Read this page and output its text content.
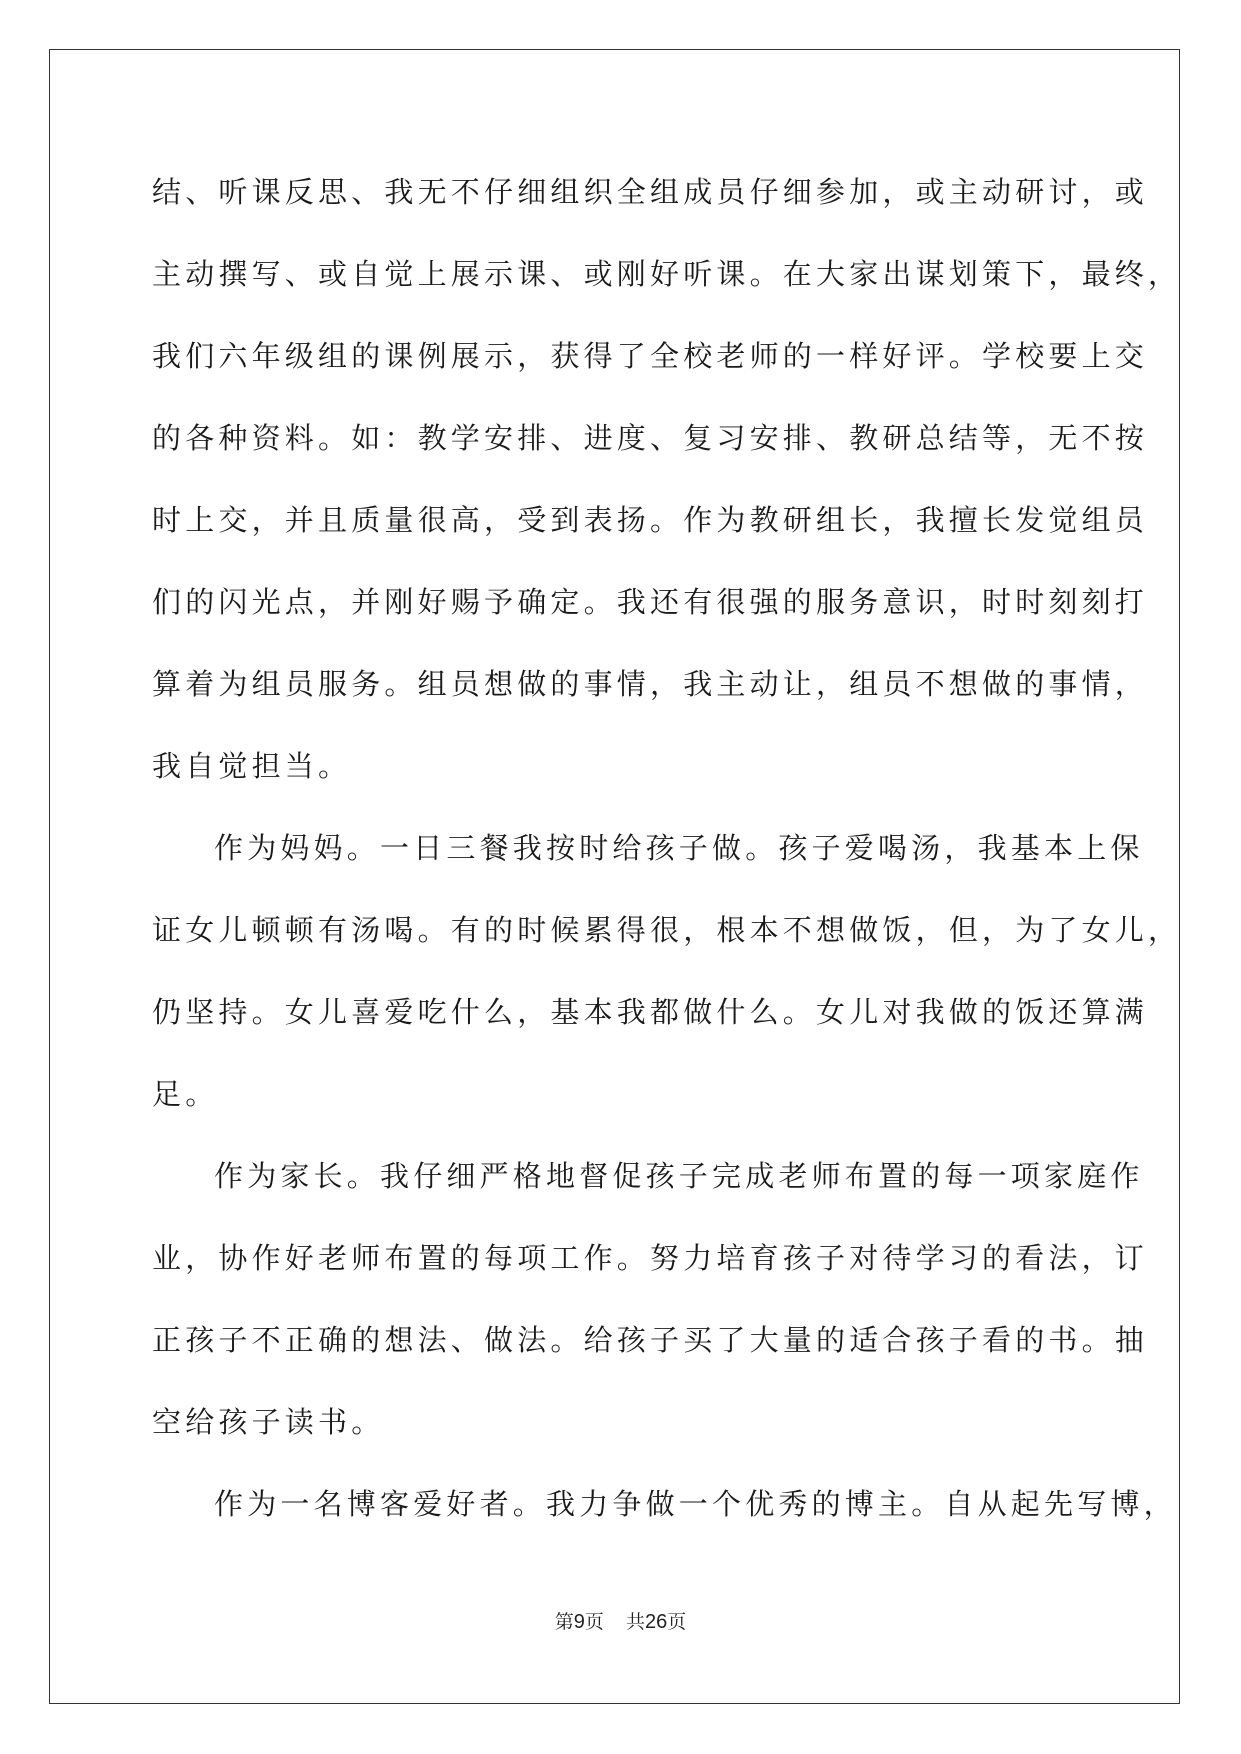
结、听课反思、我无不仔细组织全组成员仔细参加，或主动研讨，或
主动撰写、或自觉上展示课、或刚好听课。在大家出谋划策下，最终，
我们六年级组的课例展示，获得了全校老师的一样好评。学校要上交
的各种资料。如：教学安排、进度、复习安排、教研总结等，无不按
时上交，并且质量很高，受到表扬。作为教研组长，我擅长发觉组员
们的闪光点，并刚好赐予确定。我还有很强的服务意识，时时刻刻打
算着为组员服务。组员想做的事情，我主动让，组员不想做的事情，
我自觉担当。
作为妈妈。一日三餐我按时给孩子做。孩子爱喝汤，我基本上保
证女儿顿顿有汤喝。有的时候累得很，根本不想做饭，但，为了女儿，
仍坚持。女儿喜爱吃什么，基本我都做什么。女儿对我做的饭还算满
足。
作为家长。我仔细严格地督促孩子完成老师布置的每一项家庭作
业，协作好老师布置的每项工作。努力培育孩子对待学习的看法，订
正孩子不正确的想法、做法。给孩子买了大量的适合孩子看的书。抽
空给孩子读书。
作为一名博客爱好者。我力争做一个优秀的博主。自从起先写博，
第9页 共26页
